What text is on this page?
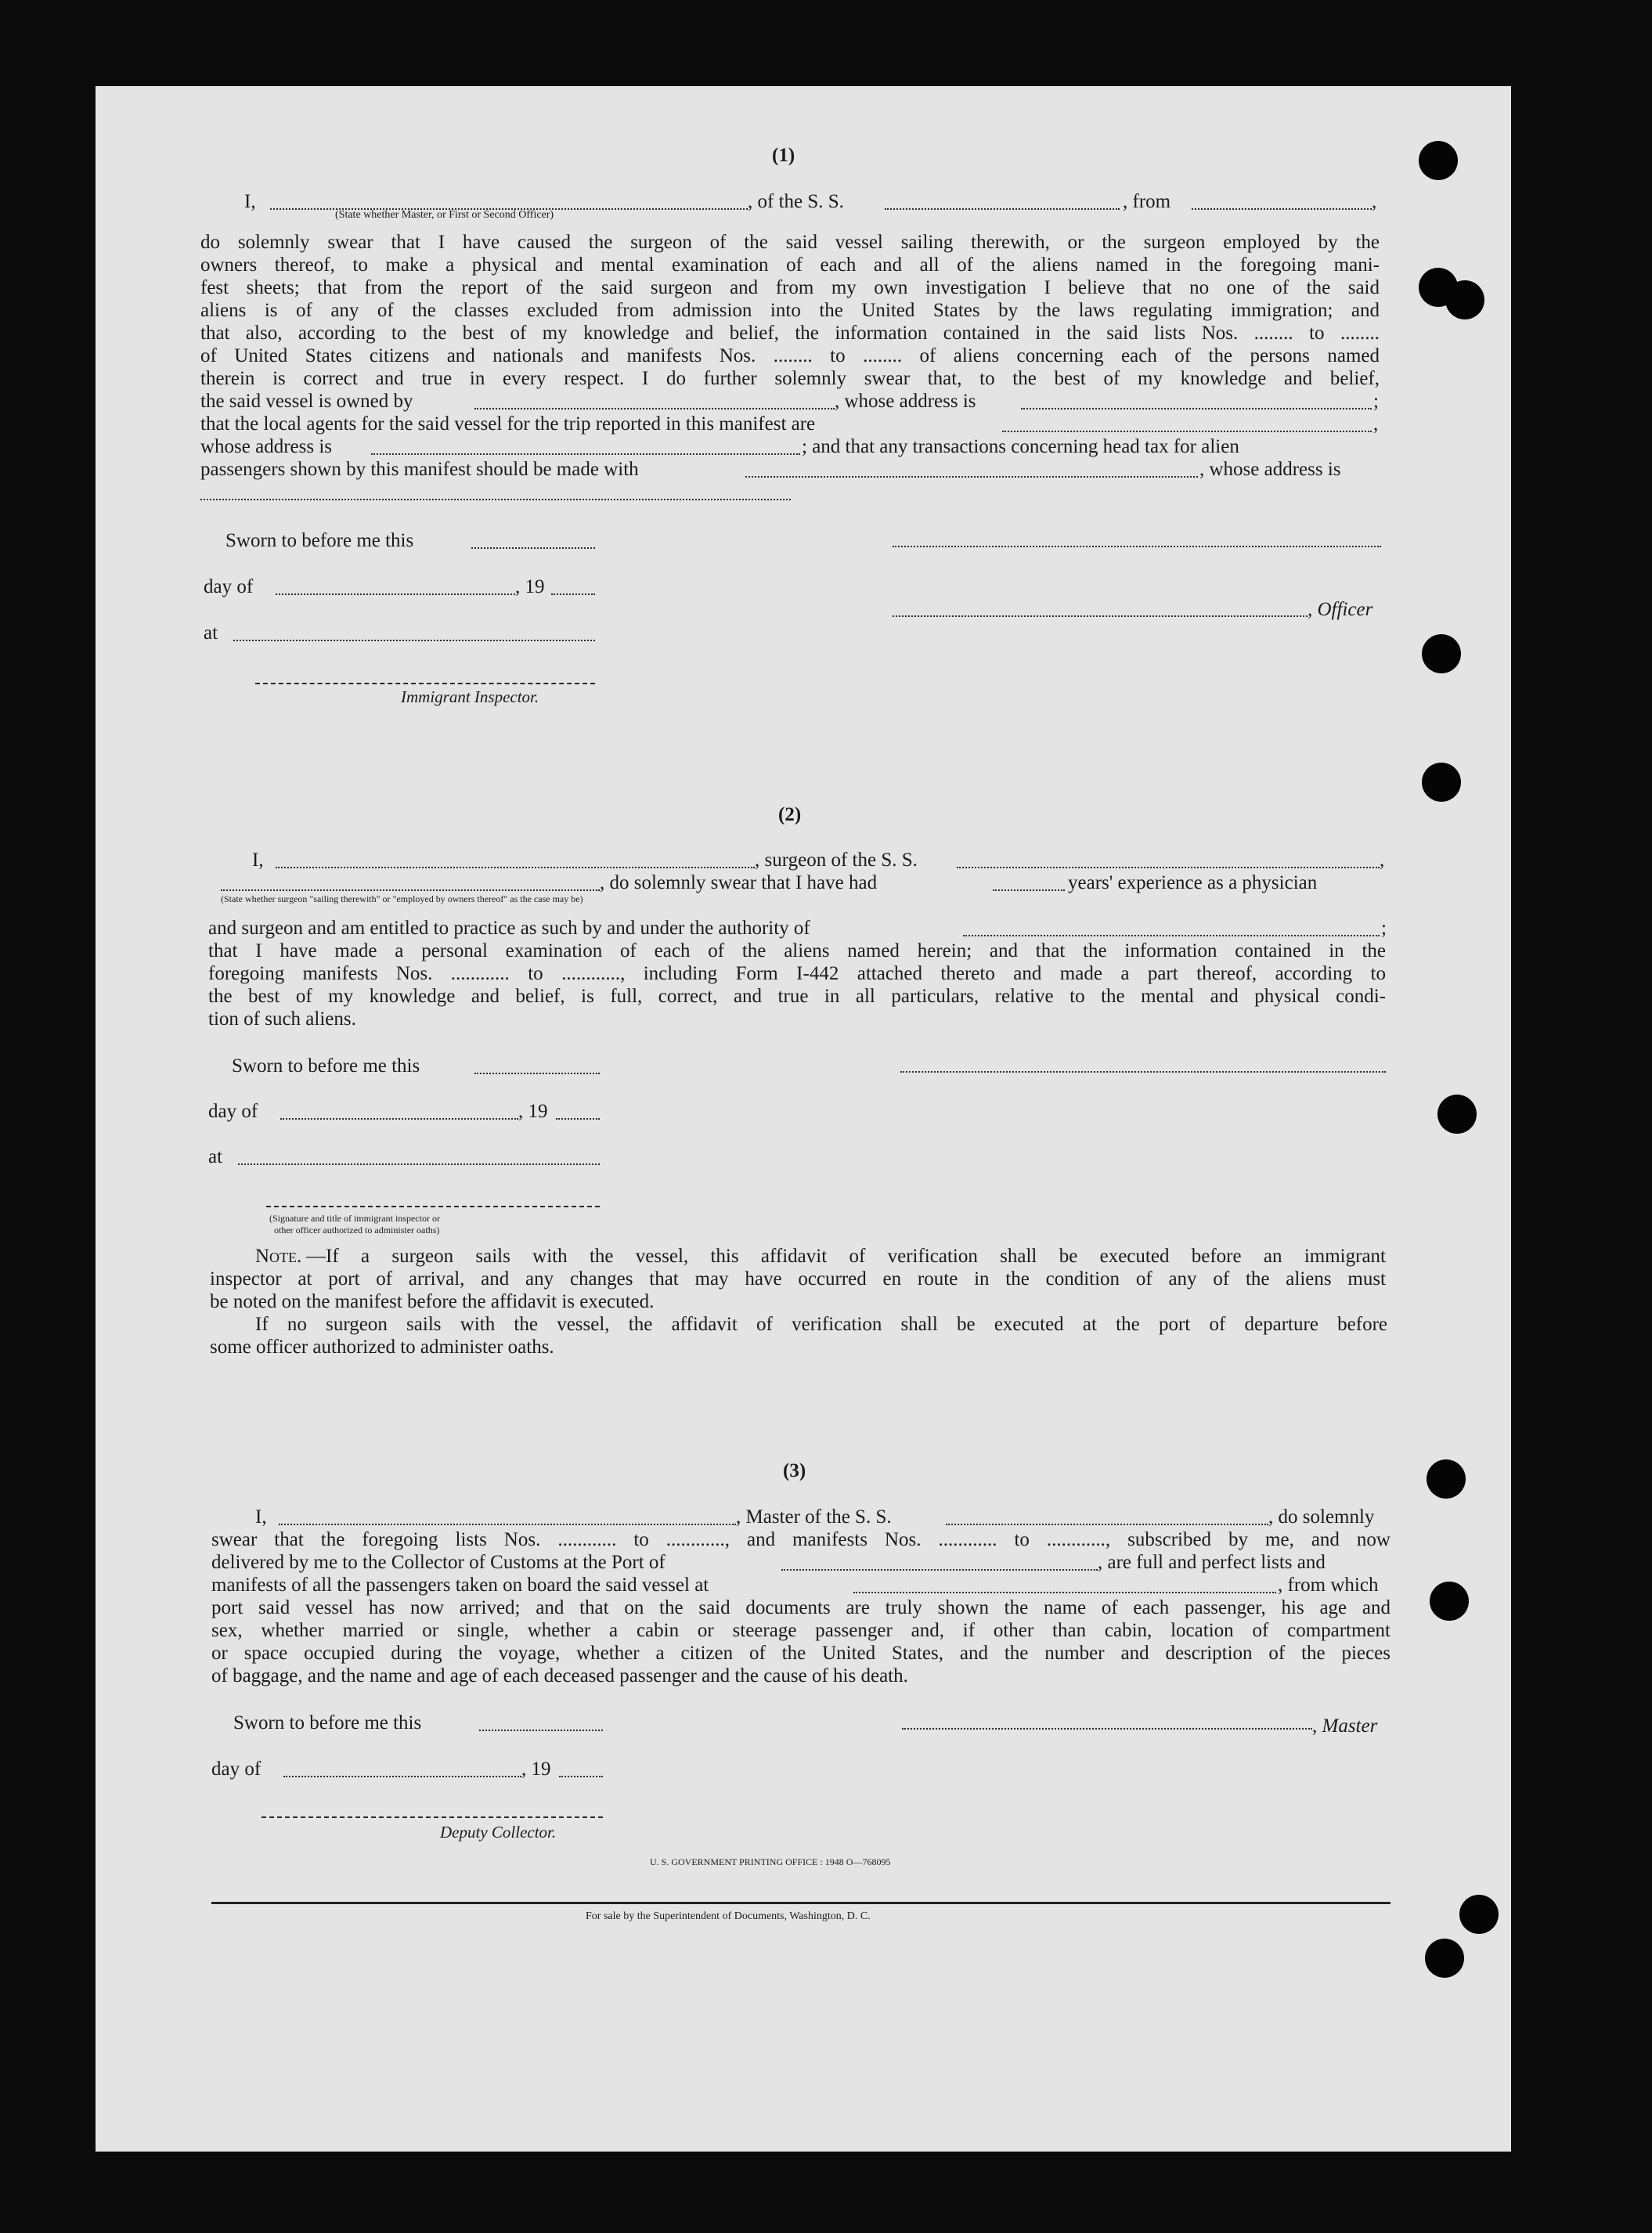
(1)
I,	, of the S. S.	, from	,
(State whether Master, or First or Second Officer)
do solemnly swear that I have caused the surgeon of the said vessel sailing therewith, or the surgeon employed by the
owners thereof, to make a physical and mental examination of each and all of the aliens named in the foregoing mani-
fest sheets; that from the report of the said surgeon and from my own investigation I believe that no one of the said
aliens is of any of the classes excluded from admission into the United States by the laws regulating immigration; and
that also, according to the best of my knowledge and belief, the information contained in the said lists Nos. ........ to ........
of United States citizens and nationals and manifests Nos. ........ to ........ of aliens concerning each of the persons named
therein is correct and true in every respect. I do further solemnly swear that, to the best of my knowledge and belief,
the said vessel is owned by	, whose address is	;
that the local agents for the said vessel for the trip reported in this manifest are	,
whose address is	; and that any transactions concerning head tax for alien
passengers shown by this manifest should be made with	, whose address is
Sworn to before me this
day of	, 19
, Officer
at
Immigrant Inspector.
(2)
I,	, surgeon of the S. S.	,
, do solemnly swear that I have had	years' experience as a physician
(State whether surgeon "sailing therewith" or "employed by owners thereof" as the case may be)
and surgeon and am entitled to practice as such by and under the authority of	;
that I have made a personal examination of each of the aliens named herein; and that the information contained in the
foregoing manifests Nos. ............ to ............, including Form I-442 attached thereto and made a part thereof, according to
the best of my knowledge and belief, is full, correct, and true in all particulars, relative to the mental and physical condi-
tion of such aliens.
Sworn to before me this
day of	, 19
at
(Signature and title of immigrant inspector or
other officer authorized to administer oaths)
Note. —If a surgeon sails with the vessel, this affidavit of verification shall be executed before an immigrant
inspector at port of arrival, and any changes that may have occurred en route in the condition of any of the aliens must
be noted on the manifest before the affidavit is executed.
If no surgeon sails with the vessel, the affidavit of verification shall be executed at the port of departure before
some officer authorized to administer oaths.
(3)
I,	, Master of the S. S.	, do solemnly
swear that the foregoing lists Nos. ............ to ............, and manifests Nos. ............ to ............, subscribed by me, and now
delivered by me to the Collector of Customs at the Port of	, are full and perfect lists and
manifests of all the passengers taken on board the said vessel at	, from which
port said vessel has now arrived; and that on the said documents are truly shown the name of each passenger, his age and
sex, whether married or single, whether a cabin or steerage passenger and, if other than cabin, location of compartment
or space occupied during the voyage, whether a citizen of the United States, and the number and description of the pieces
of baggage, and the name and age of each deceased passenger and the cause of his death.
Sworn to before me this	, Master
day of	, 19
Deputy Collector.
U. S. GOVERNMENT PRINTING OFFICE : 1948 O—768095
For sale by the Superintendent of Documents, Washington, D. C.
